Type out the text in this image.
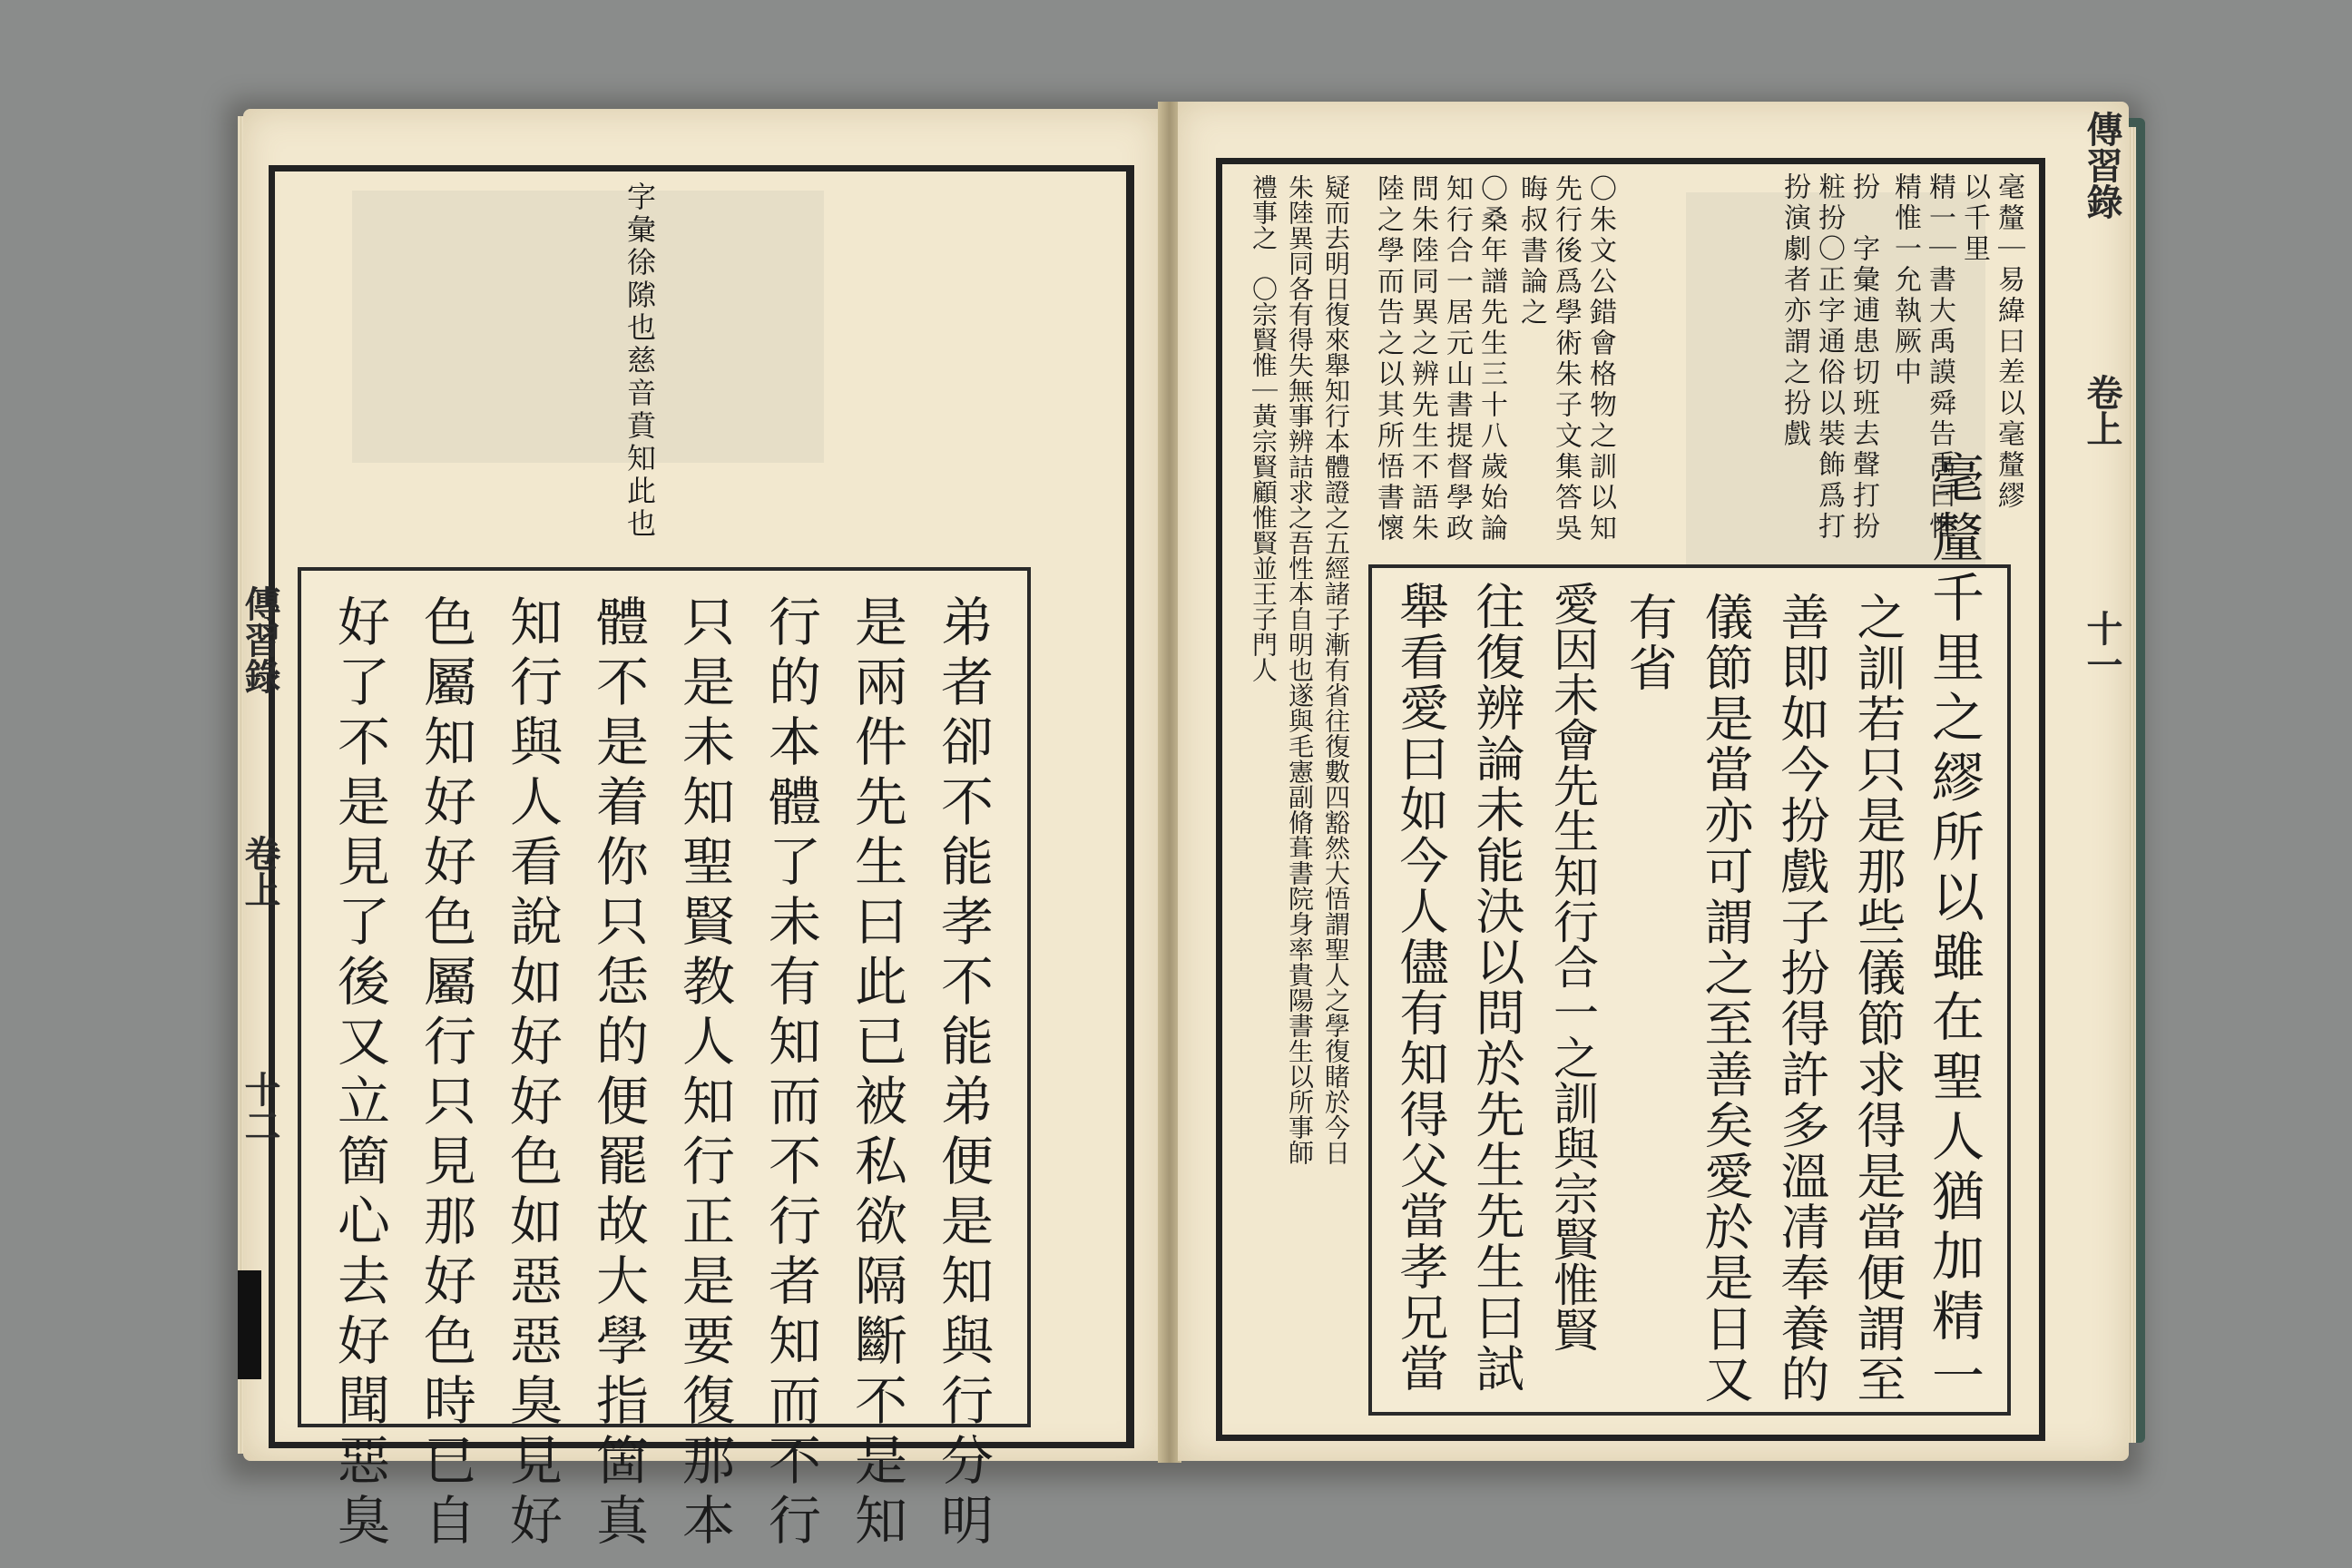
字彙徐𨻶也慈音賁知此也
弟者卻不能孝不能弟便是知與行分明
是兩件先生曰此已被私欲隔斷不是知
行的本體了未有知而不行者知而不行
只是未知聖賢教人知行正是要復那本
體不是着你只恁的便罷故大學指箇真
知行與人看說如好好色如惡惡臭見好
色屬知好好色屬行只見那好色時已自
好了不是見了後又立箇心去好聞惡臭
傳習錄
卷上
十二
毫釐｜易緯曰差以毫釐繆
以千里
精一｜書大禹謨舜告禹曰惟
精惟一允執厥中
扮　字彙逋患切班去聲打扮
粧扮〇正字通俗以裝飾爲打
扮演劇者亦謂之扮戲
〇朱文公錯會格物之訓以知
先行後爲學術朱子文集答吳
晦叔書論之
〇桑年譜先生三十八歲始論
知行合一居元山書提督學政
問朱陸同異之辨先生不語朱
陸之學而告之以其所悟書懷
疑而去明日復來舉知行本體證之五經諸子漸有省往復數四豁然大悟謂聖人之學復睹於今日
朱陸異同各有得失無事辨詰求之吾性本自明也遂與毛憲副脩葺書院身率貴陽書生以所事師
禮事之　〇宗賢惟｜黃宗賢顧惟賢並王子門人
毫釐千里之繆所以雖在聖人猶加精一
之訓若只是那些儀節求得是當便謂至
善即如今扮戲子扮得許多溫凊奉養的
儀節是當亦可謂之至善矣愛於是日又
有省
愛因未會先生知行合一之訓與宗賢惟賢
往復辨論未能決以問於先生先生曰試
舉看愛曰如今人儘有知得父當孝兄當
傳習錄
卷上
十一
